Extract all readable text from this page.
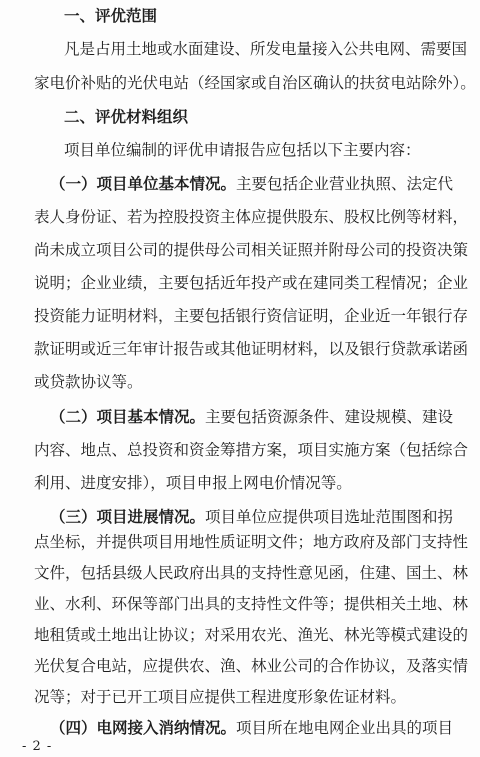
一、评优范围
凡是占用土地或水面建设、所发电量接入公共电网、需要国
家电价补贴的光伏电站（经国家或自治区确认的扶贫电站除外）。
二、评优材料组织
项目单位编制的评优申请报告应包括以下主要内容：
（一）项目单位基本情况。主要包括企业营业执照、法定代
表人身份证、若为控股投资主体应提供股东、股权比例等材料，
尚未成立项目公司的提供母公司相关证照并附母公司的投资决策
说明；企业业绩，主要包括近年投产或在建同类工程情况；企业
投资能力证明材料，主要包括银行资信证明，企业近一年银行存
款证明或近三年审计报告或其他证明材料，以及银行贷款承诺函
或贷款协议等。
（二）项目基本情况。主要包括资源条件、建设规模、建设
内容、地点、总投资和资金筹措方案，项目实施方案（包括综合
利用、进度安排），项目申报上网电价情况等。
（三）项目进展情况。项目单位应提供项目选址范围图和拐
点坐标，并提供项目用地性质证明文件；地方政府及部门支持性
文件，包括县级人民政府出具的支持性意见函，住建、国土、林
业、水利、环保等部门出具的支持性文件等；提供相关土地、林
地租赁或土地出让协议；对采用农光、渔光、林光等模式建设的
光伏复合电站，应提供农、渔、林业公司的合作协议，及落实情
- 2 -
况等；对于已开工项目应提供工程进度形象佐证材料。
（四）电网接入消纳情况。项目所在地电网企业出具的项目
